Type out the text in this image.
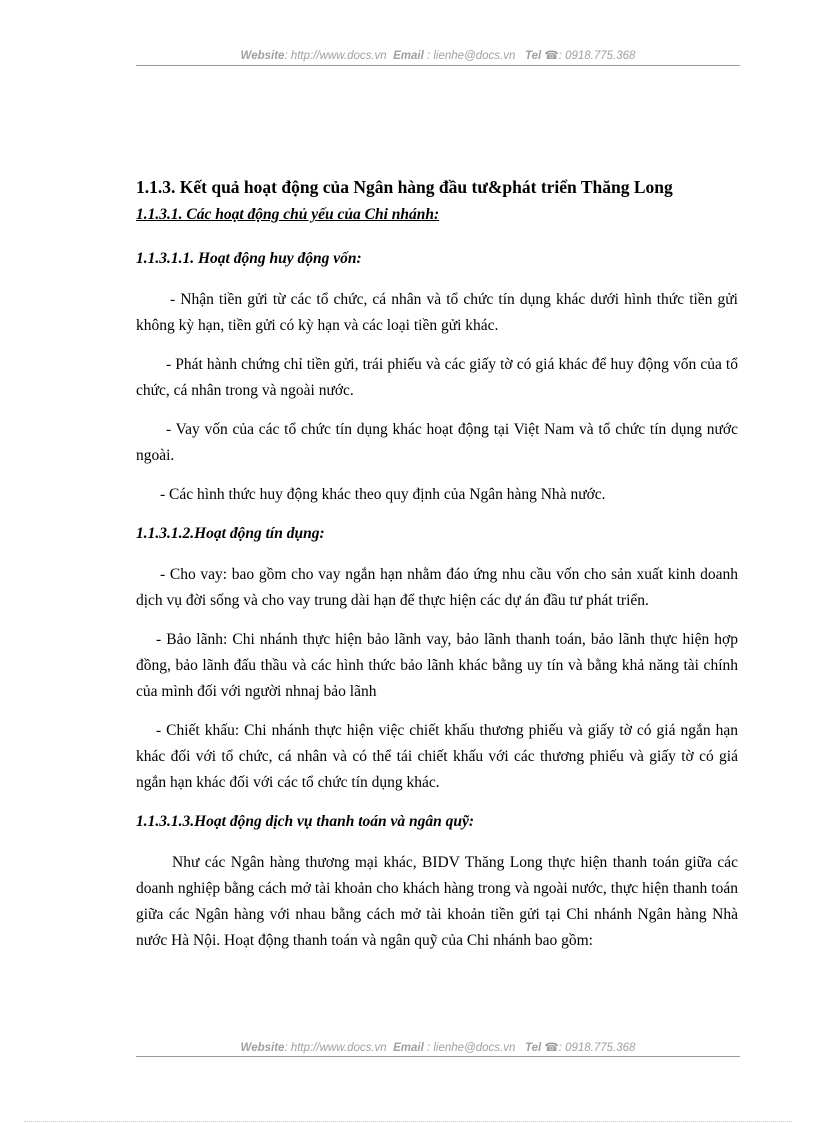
Website: http://www.docs.vn Email : lienhe@docs.vn Tel ☎: 0918.775.368
1.1.3. Kết quả hoạt động của Ngân hàng đầu tư&phát triển Thăng Long
1.1.3.1. Các hoạt động chủ yếu của Chi nhánh:
1.1.3.1.1. Hoạt động huy động vốn:

- Nhận tiền gửi từ các tổ chức, cá nhân và tổ chức tín dụng khác dưới hình thức tiền gửi không kỳ hạn, tiền gửi có kỳ hạn và các loại tiền gửi khác.

- Phát hành chứng chỉ tiền gửi, trái phiếu và các giấy tờ có giá khác để huy động vốn của tổ chức, cá nhân trong và ngoài nước.

- Vay vốn của các tổ chức tín dụng khác hoạt động tại Việt Nam và tổ chức tín dụng nước ngoài.

- Các hình thức huy động khác theo quy định của Ngân hàng Nhà nước.

1.1.3.1.2.Hoạt động tín dụng:

- Cho vay: bao gồm cho vay ngắn hạn nhằm đáo ứng nhu cầu vốn cho sản xuất kinh doanh dịch vụ đời sống và cho vay trung dài hạn để thực hiện các dự án đầu tư phát triển.

- Bảo lãnh: Chi nhánh thực hiện bảo lãnh vay, bảo lãnh thanh toán, bảo lãnh thực hiện hợp đồng, bảo lãnh đấu thầu và các hình thức bảo lãnh khác bằng uy tín và bằng khả năng tài chính của mình đối với người nhnaj bảo lãnh

- Chiết khấu: Chi nhánh thực hiện việc chiết khấu thương phiếu và giấy tờ có giá ngắn hạn khác đối với tổ chức, cá nhân và có thể tái chiết khấu với các thương phiếu và giấy tờ có giá ngắn hạn khác đối với các tổ chức tín dụng khác.

1.1.3.1.3.Hoạt động dịch vụ thanh toán và ngân quỹ:

Như các Ngân hàng thương mại khác, BIDV Thăng Long thực hiện thanh toán giữa các doanh nghiệp bằng cách mở tài khoản cho khách hàng trong và ngoài nước, thực hiện thanh toán giữa các Ngân hàng với nhau bằng cách mở tài khoản tiền gửi tại Chi nhánh Ngân hàng Nhà nước Hà Nội. Hoạt động thanh toán và ngân quỹ của Chi nhánh bao gồm:

Website: http://www.docs.vn Email : lienhe@docs.vn Tel ☎: 0918.775.368
